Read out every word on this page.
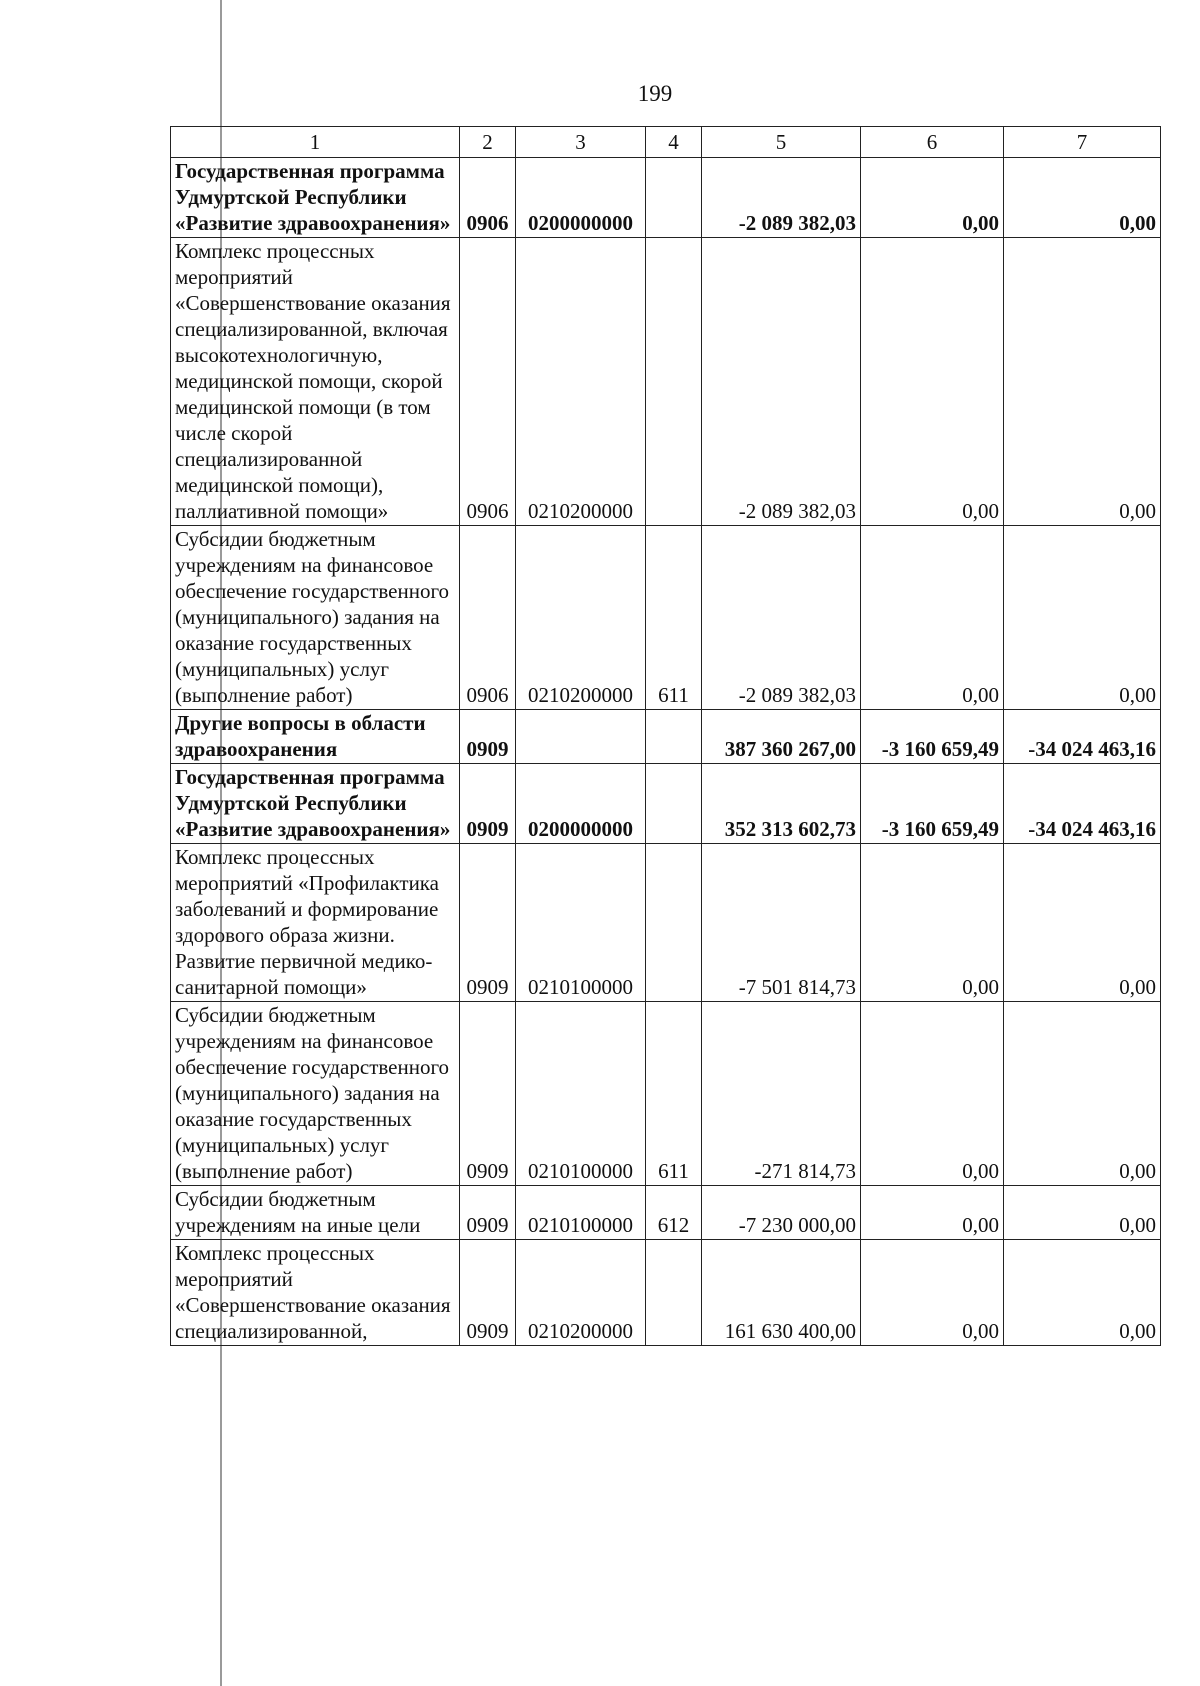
199
1	2	3	4	5	6	7
Государственная программа Удмуртской Республики «Развитие здравоохранения»	0906	0200000000		-2 089 382,03	0,00	0,00
Комплекс процессных мероприятий «Совершенствование оказания специализированной, включая высокотехнологичную, медицинской помощи, скорой медицинской помощи (в том числе скорой специализированной медицинской помощи), паллиативной помощи»	0906	0210200000		-2 089 382,03	0,00	0,00
Субсидии бюджетным учреждениям на финансовое обеспечение государственного (муниципального) задания на оказание государственных (муниципальных) услуг (выполнение работ)	0906	0210200000	611	-2 089 382,03	0,00	0,00
Другие вопросы в области здравоохранения	0909			387 360 267,00	-3 160 659,49	-34 024 463,16
Государственная программа Удмуртской Республики «Развитие здравоохранения»	0909	0200000000		352 313 602,73	-3 160 659,49	-34 024 463,16
Комплекс процессных мероприятий «Профилактика заболеваний и формирование здорового образа жизни. Развитие первичной медико-санитарной помощи»	0909	0210100000		-7 501 814,73	0,00	0,00
Субсидии бюджетным учреждениям на финансовое обеспечение государственного (муниципального) задания на оказание государственных (муниципальных) услуг (выполнение работ)	0909	0210100000	611	-271 814,73	0,00	0,00
Субсидии бюджетным учреждениям на иные цели	0909	0210100000	612	-7 230 000,00	0,00	0,00
Комплекс процессных мероприятий «Совершенствование оказания специализированной,	0909	0210200000		161 630 400,00	0,00	0,00
